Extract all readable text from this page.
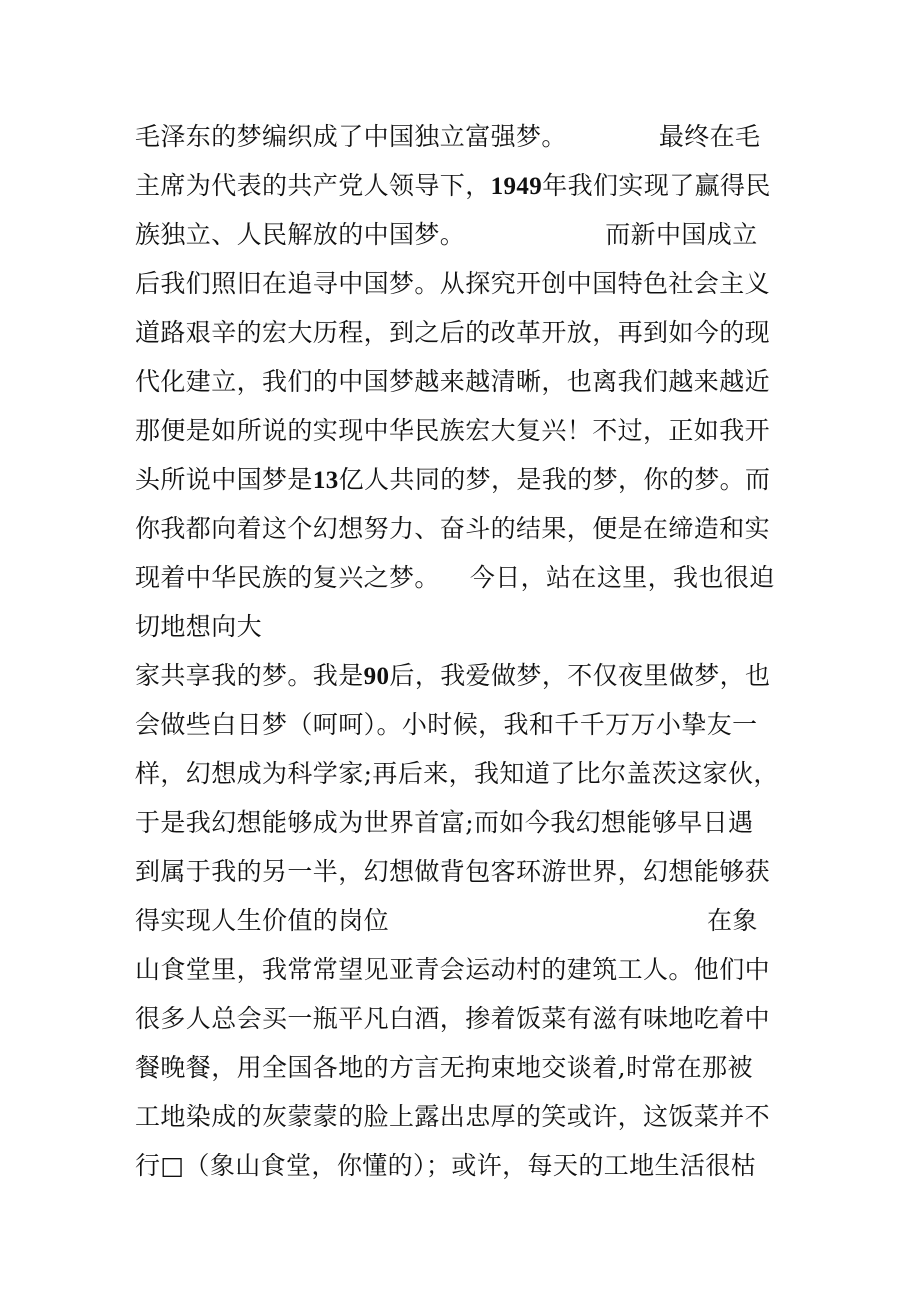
毛泽东的梦编织成了中国独立富强梦。	最终在毛
主席为代表的共产党人领导下，1949年我们实现了赢得民
族独立、人民解放的中国梦。	而新中国成立
后我们照旧在追寻中国梦。从探究开创中国特色社会主义
道路艰辛的宏大历程，到之后的改革开放，再到如今的现
代化建立，我们的中国梦越来越清晰，也离我们越来越近
那便是如所说的实现中华民族宏大复兴！不过，正如我开
头所说中国梦是13亿人共同的梦，是我的梦，你的梦。而
你我都向着这个幻想努力、奋斗的结果，便是在缔造和实
现着中华民族的复兴之梦。 今日，站在这里，我也很迫
切地想向大
家共享我的梦。我是90后，我爱做梦，不仅夜里做梦，也
会做些白日梦（呵呵）。小时候，我和千千万万小挚友一
样，幻想成为科学家;再后来，我知道了比尔盖茨这家伙，
于是我幻想能够成为世界首富;而如今我幻想能够早日遇
到属于我的另一半，幻想做背包客环游世界，幻想能够获
得实现人生价值的岗位	在象
山食堂里，我常常望见亚青会运动村的建筑工人。他们中
很多人总会买一瓶平凡白酒，掺着饭菜有滋有味地吃着中
餐晚餐，用全国各地的方言无拘束地交谈着,时常在那被
工地染成的灰蒙蒙的脸上露出忠厚的笑或许，这饭菜并不
行□（象山食堂，你懂的）；或许，每天的工地生活很枯
